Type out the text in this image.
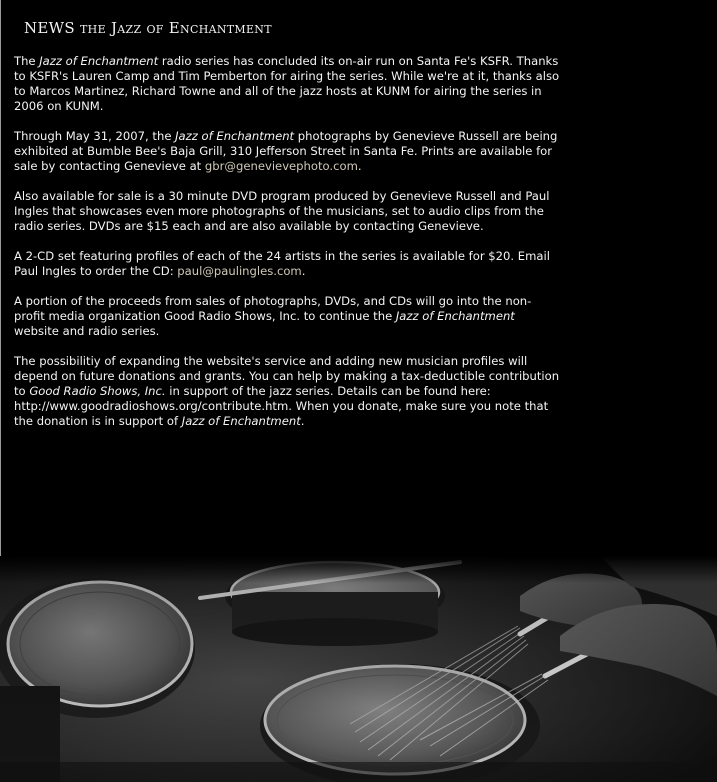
NEWS the Jazz of Enchantment

The Jazz of Enchantment radio series has concluded its on-air run on Santa Fe's KSFR. Thanks to KSFR's Lauren Camp and Tim Pemberton for airing the series. While we're at it, thanks also to Marcos Martinez, Richard Towne and all of the jazz hosts at KUNM for airing the series in 2006 on KUNM.

Through May 31, 2007, the Jazz of Enchantment photographs by Genevieve Russell are being exhibited at Bumble Bee's Baja Grill, 310 Jefferson Street in Santa Fe. Prints are available for sale by contacting Genevieve at gbr@genevievephoto.com.

Also available for sale is a 30 minute DVD program produced by Genevieve Russell and Paul Ingles that showcases even more photographs of the musicians, set to audio clips from the radio series. DVDs are $15 each and are also available by contacting Genevieve.

A 2-CD set featuring profiles of each of the 24 artists in the series is available for $20. Email Paul Ingles to order the CD: paul@paulingles.com.

A portion of the proceeds from sales of photographs, DVDs, and CDs will go into the non-profit media organization Good Radio Shows, Inc. to continue the Jazz of Enchantment website and radio series.

The possibilitiy of expanding the website's service and adding new musician profiles will depend on future donations and grants. You can help by making a tax-deductible contribution to Good Radio Shows, Inc. in support of the jazz series. Details can be found here: http://www.goodradioshows.org/contribute.htm. When you donate, make sure you note that the donation is in support of Jazz of Enchantment.
